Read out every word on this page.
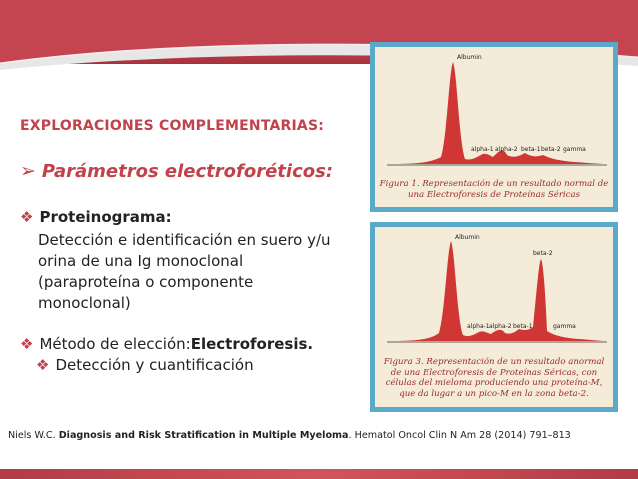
EXPLORACIONES COMPLEMENTARIAS:
➢ Parámetros electroforéticos:
❖ Proteinograma:
Detección e identificación en suero y/u orina de una Ig monoclonal (paraproteína o componente monoclonal)
❖ Método de elección: Electroforesis.
❖ Detección y cuantificación
Albumin
alpha-1 alpha-2 beta-1 beta-2 gamma
Figura 1. Representación de un resultado normal de una Electroforesis de Proteínas Séricas
Albumin
beta-2
alpha-1 alpha-2 beta-1	gamma
Figura 3. Representación de un resultado anormal de una Electroforesis de Proteínas Séricas, con células del mieloma produciendo una proteína-M, que da lugar a un pico-M en la zona beta-2.
Niels W.C. Diagnosis and Risk Stratification in Multiple Myeloma. Hematol Oncol Clin N Am 28 (2014) 791–813
